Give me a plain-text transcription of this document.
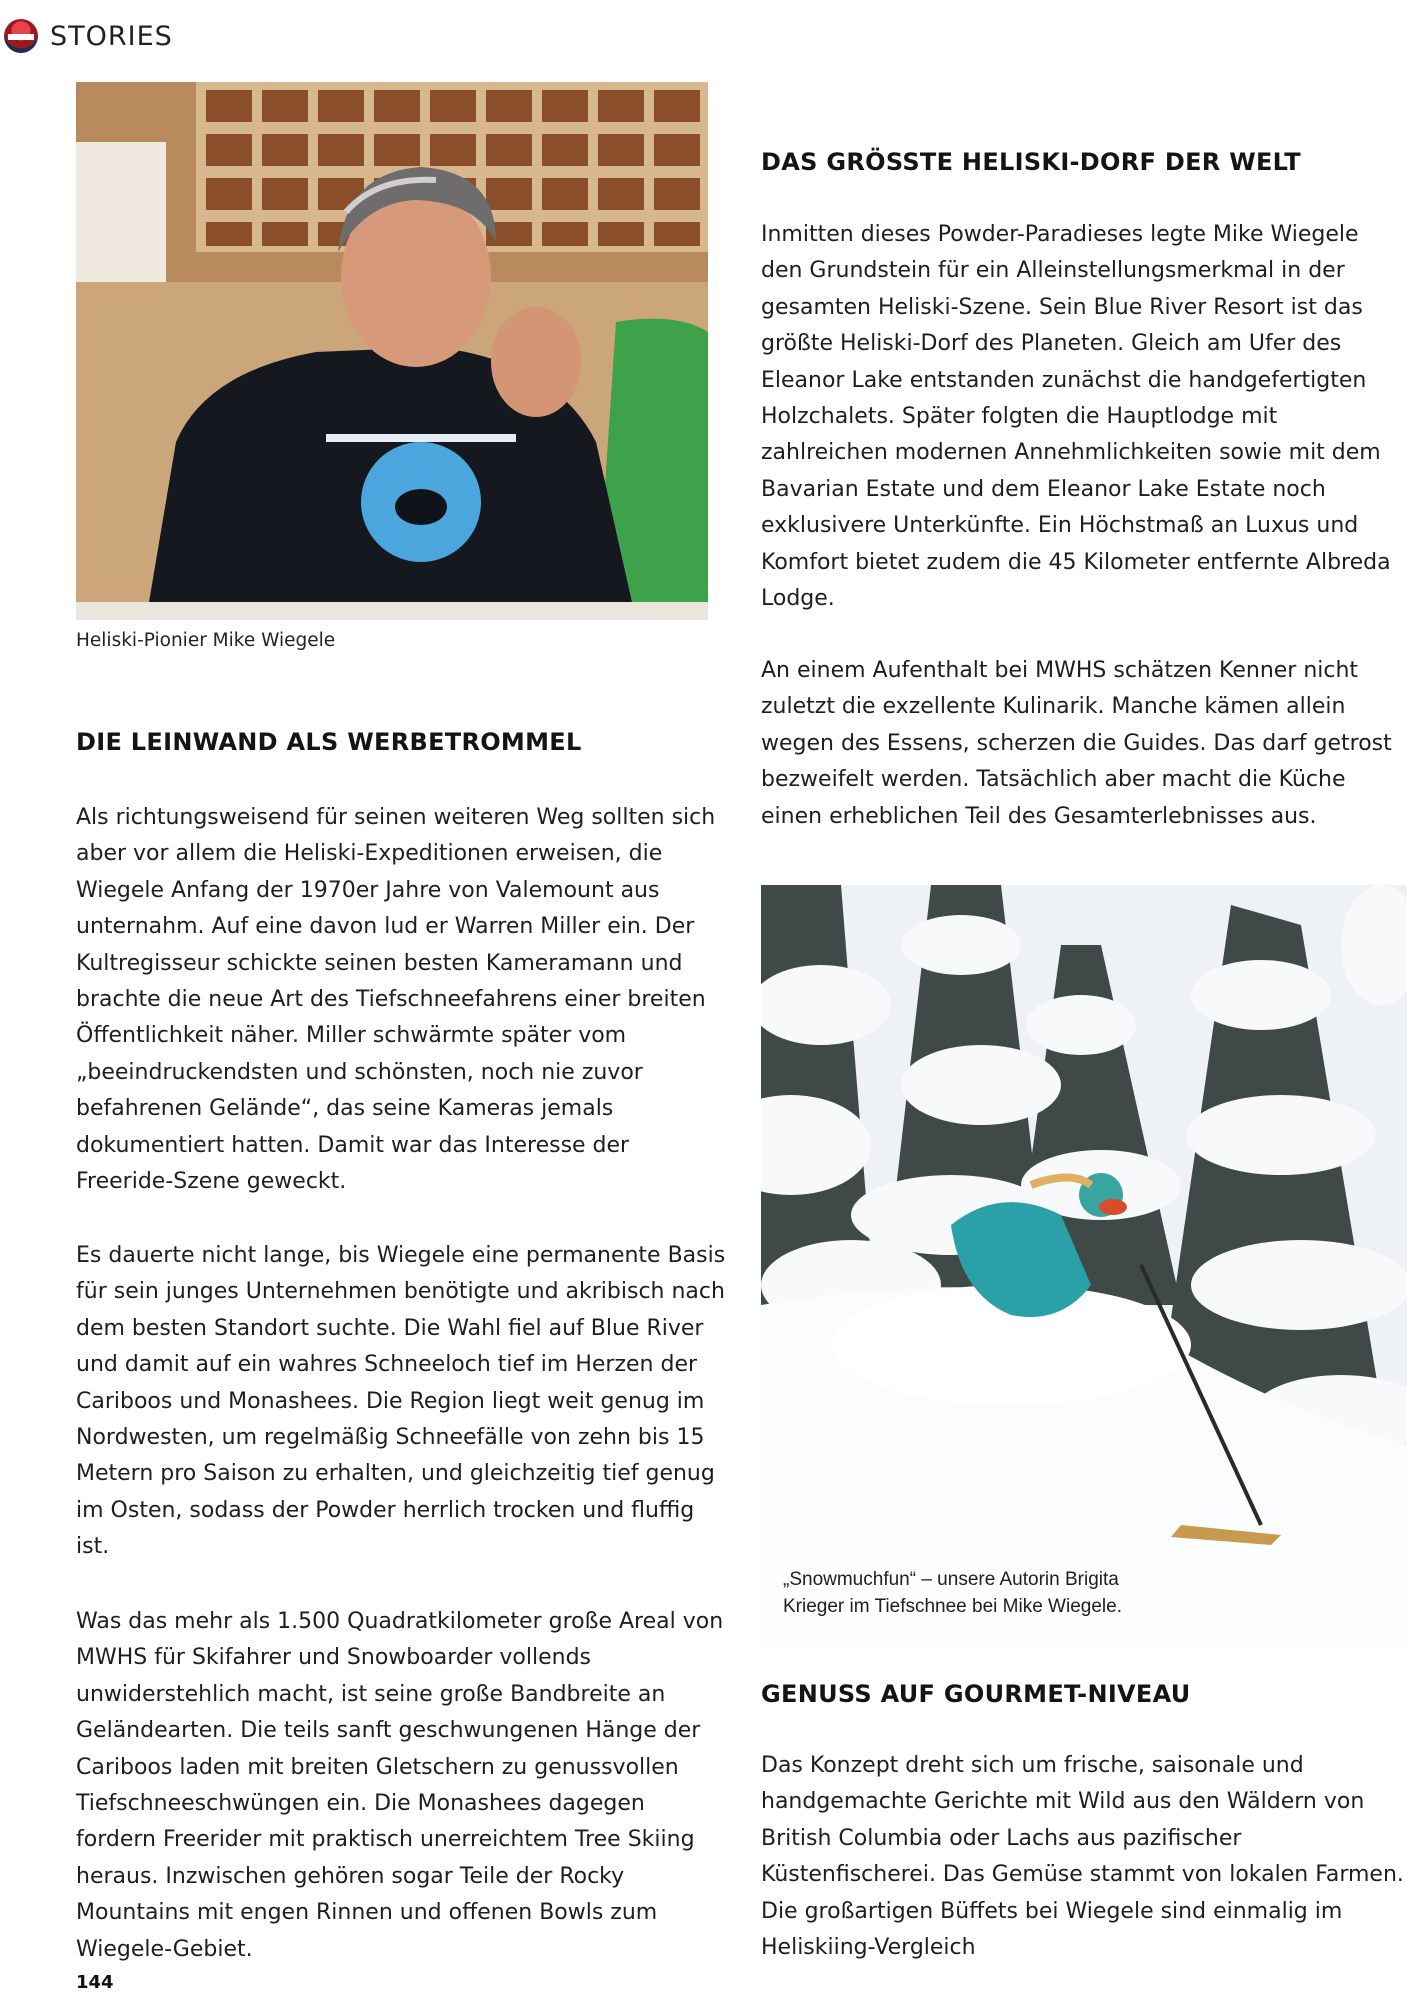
STORIES

Heliski-Pionier Mike Wiegele

DIE LEINWAND ALS WERBETROMMEL

Als richtungsweisend für seinen weiteren Weg sollten sich aber vor allem die Heliski-Expeditionen erweisen, die Wiegele Anfang der 1970er Jahre von Valemount aus unternahm. Auf eine davon lud er Warren Miller ein. Der Kultregisseur schickte seinen besten Kameramann und brachte die neue Art des Tiefschneefahrens einer breiten Öffentlichkeit näher. Miller schwärmte später vom „beeindruckendsten und schönsten, noch nie zuvor befahrenen Gelände“, das seine Kameras jemals dokumentiert hatten. Damit war das Interesse der Freeride-Szene geweckt.

Es dauerte nicht lange, bis Wiegele eine permanente Basis für sein junges Unternehmen benötigte und akribisch nach dem besten Standort suchte. Die Wahl fiel auf Blue River und damit auf ein wahres Schneeloch tief im Herzen der Cariboos und Monashees. Die Region liegt weit genug im Nordwesten, um regelmäßig Schneefälle von zehn bis 15 Metern pro Saison zu erhalten, und gleichzeitig tief genug im Osten, sodass der Powder herrlich trocken und fluffig ist.

Was das mehr als 1.500 Quadratkilometer große Areal von MWHS für Skifahrer und Snowboarder vollends unwiderstehlich macht, ist seine große Bandbreite an Geländearten. Die teils sanft geschwungenen Hänge der Cariboos laden mit breiten Gletschern zu genussvollen Tiefschneeschwüngen ein. Die Monashees dagegen fordern Freerider mit praktisch unerreichtem Tree Skiing heraus. Inzwischen gehören sogar Teile der Rocky Mountains mit engen Rinnen und offenen Bowls zum Wiegele-Gebiet.

DAS GRÖSSTE HELISKI-DORF DER WELT

Inmitten dieses Powder-Paradieses legte Mike Wiegele den Grundstein für ein Alleinstellungsmerkmal in der gesamten Heliski-Szene. Sein Blue River Resort ist das größte Heliski-Dorf des Planeten. Gleich am Ufer des Eleanor Lake entstanden zunächst die handgefertigten Holzchalets. Später folgten die Hauptlodge mit zahlreichen modernen Annehmlichkeiten sowie mit dem Bavarian Estate und dem Eleanor Lake Estate noch exklusivere Unterkünfte. Ein Höchstmaß an Luxus und Komfort bietet zudem die 45 Kilometer entfernte Albreda Lodge.

An einem Aufenthalt bei MWHS schätzen Kenner nicht zuletzt die exzellente Kulinarik. Manche kämen allein wegen des Essens, scherzen die Guides. Das darf getrost bezweifelt werden. Tatsächlich aber macht die Küche einen erheblichen Teil des Gesamterlebnisses aus.

„Snowmuchfun“ – unsere Autorin Brigita
Krieger im Tiefschnee bei Mike Wiegele.
GENUSS AUF GOURMET-NIVEAU

Das Konzept dreht sich um frische, saisonale und handgemachte Gerichte mit Wild aus den Wäldern von British Columbia oder Lachs aus pazifischer Küstenfischerei. Das Gemüse stammt von lokalen Farmen. Die großartigen Büffets bei Wiegele sind einmalig im Heliskiing-Vergleich

144
